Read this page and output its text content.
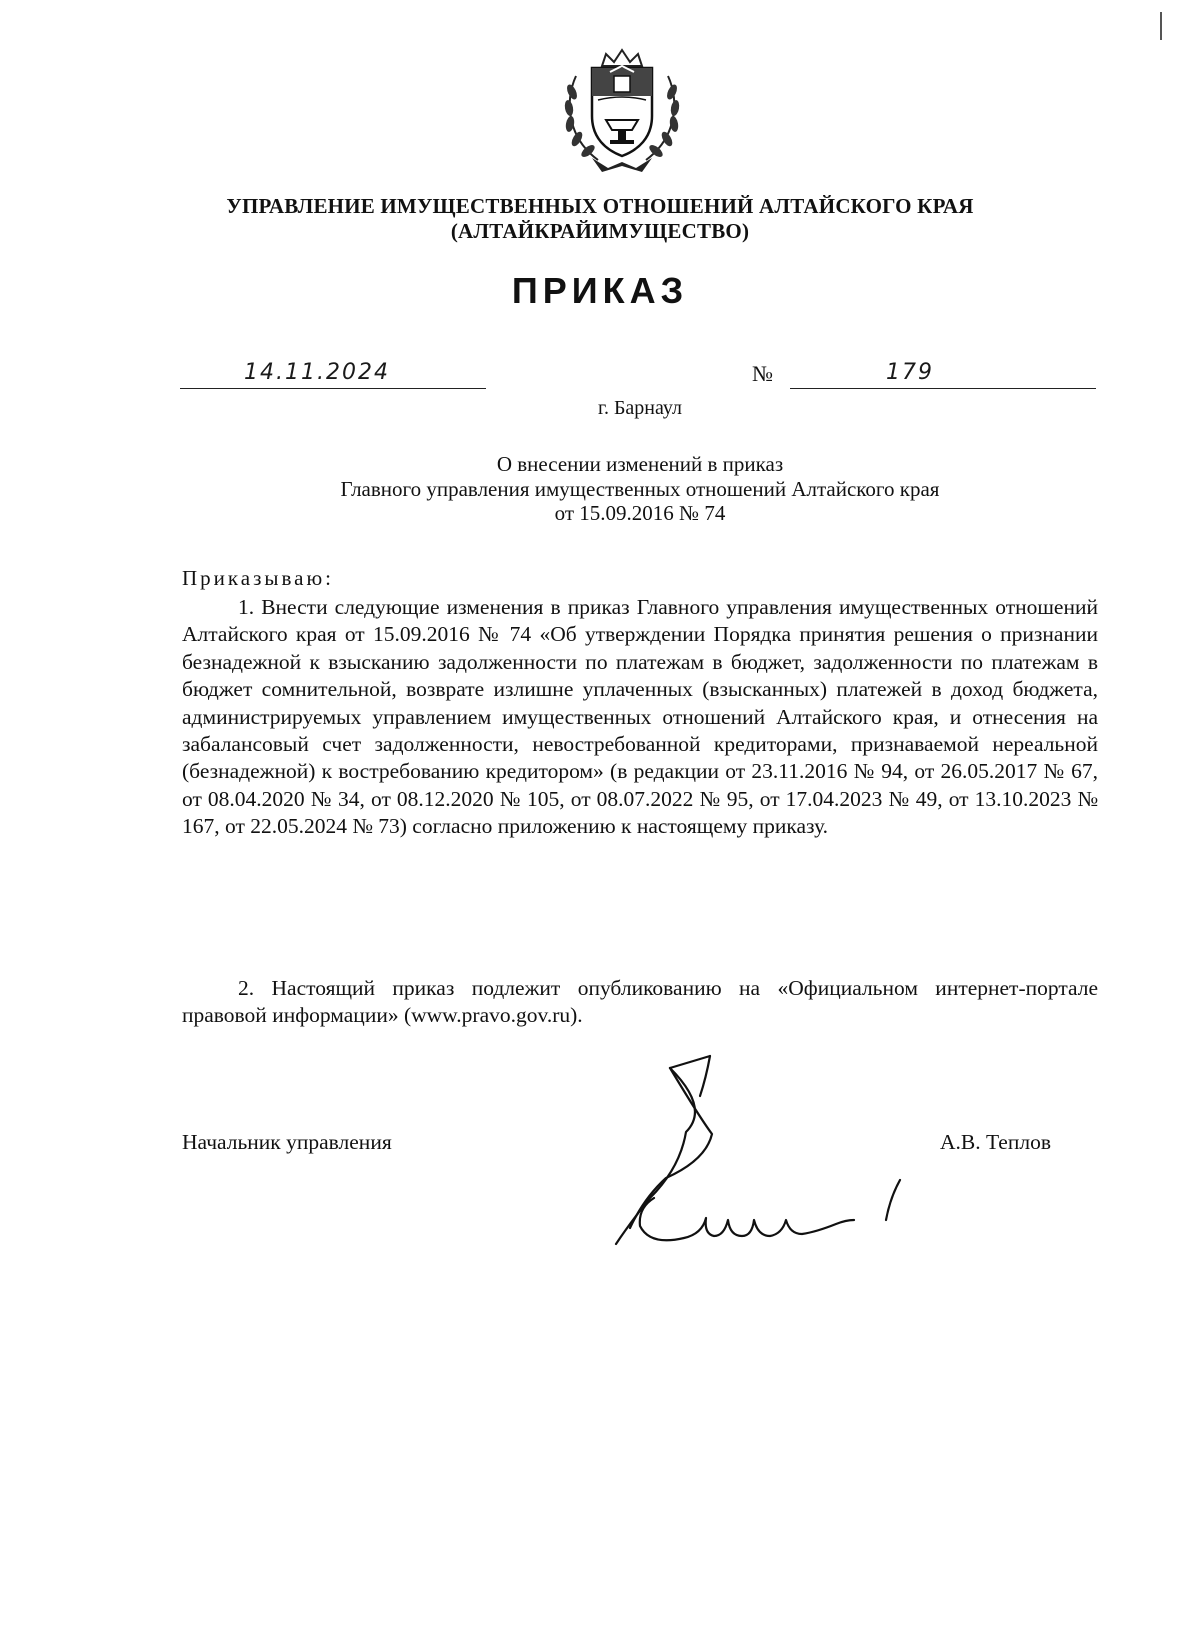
УПРАВЛЕНИЕ ИМУЩЕСТВЕННЫХ ОТНОШЕНИЙ АЛТАЙСКОГО КРАЯ
(АЛТАЙКРАЙИМУЩЕСТВО)
ПРИКАЗ
14.11.2024	№	179
г. Барнаул
О внесении изменений в приказ
Главного управления имущественных отношений Алтайского края
от 15.09.2016 № 74
Приказываю:

1. Внести следующие изменения в приказ Главного управления имущественных отношений Алтайского края от 15.09.2016 № 74 «Об утверждении Порядка принятия решения о признании безнадежной к взысканию задолженности по платежам в бюджет, задолженности по платежам в бюджет сомнительной, возврате излишне уплаченных (взысканных) платежей в доход бюджета, администрируемых управлением имущественных отношений Алтайского края, и отнесения на забалансовый счет задолженности, невостребованной кредиторами, признаваемой нереальной (безнадежной) к востребованию кредитором» (в редакции от 23.11.2016 № 94, от 26.05.2017 № 67, от 08.04.2020 № 34, от 08.12.2020 № 105, от 08.07.2022 № 95, от 17.04.2023 № 49, от 13.10.2023 № 167, от 22.05.2024 № 73) согласно приложению к настоящему приказу.

2. Настоящий приказ подлежит опубликованию на «Официальном интернет-портале правовой информации» (www.pravo.gov.ru).

Начальник управления	А.В. Теплов
